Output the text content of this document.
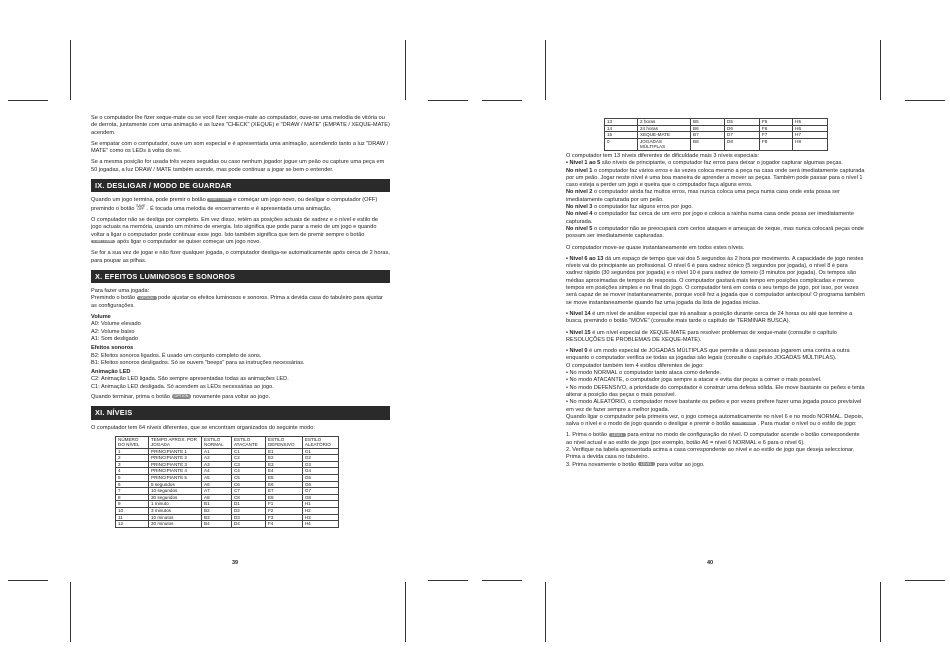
Se o computador lhe fizer xeque-mate ou se você fizer xeque-mate ao computador, ouve-se uma melodia de vitória ou de derrota, juntamente com uma animação e as luzes "CHECK" (XEQUE) e "DRAW / MATE" (EMPATE / XEQUE-MATE) acendem.

Se empatar com o computador, ouve um som especial e é apresentada uma animação, acendendo tanto a luz "DRAW / MATE" como os LEDs à volta do rei.

Se a mesma posição for usada três vezes seguidas ou caso nenhum jogador jogue um peão ou capture uma peça em 50 jogadas, a luz DRAW / MATE também acende, mas pode continuar a jogar se bem o entender.

IX. DESLIGAR / MODO DE GUARDAR

Quando um jogo termina, pode premir o botão START GAME e começar um jogo novo, ou desligar o computador (OFF) premindo o botão SAVE
OFF . É tocada uma melodia de encerramento e é apresentada uma animação.

O computador não se desliga por completo. Em vez disso, retém as posições actuais de xadrez e o nível e estilo de jogo actuais na memória, usando um mínimo de energia. Isto significa que pode parar a meio de um jogo e quando voltar a ligar o computador pode continuar esse jogo. Isto também significa que tem de premir sempre o botão START GAME após ligar o computador se quiser começar um jogo novo.

Se for a sua vez de jogar e não fizer qualquer jogada, o computador desliga-se automaticamente após cerca de 2 horas, para poupar as pilhas.

X. EFEITOS LUMINOSOS E SONOROS

Para fazer uma jogada:

Premindo o botão OPTION pode ajustar os efeitos luminosos e sonoros. Prima a devida casa do tabuleiro para ajustar as configurações.

Volume
A0: Volume elevado
A2: Volume baixo
A1: Som desligado
Efeitos sonoros
B2: Efeitos sonoros ligados. É usado um conjunto completo de sons.
B1: Efeitos sonoros desligados. Só se ouvem "beeps" para as instruções necessárias.
Animação LED
C2: Animação LED ligada. São sempre apresentadas todas as animações LED.
C1: Animação LED desligada. Só acendem as LEDs necessárias ao jogo.

Quando terminar, prima o botão OPTION novamente para voltar ao jogo.

XI. NÍVEIS

O computador tem 64 níveis diferentes, que se encontram organizados do seguinte modo:

NÚMERO DO NÍVEL	TEMPO APROX. POR JOGADA	ESTILO NORMAL	ESTILO ATACANTE	ESTILO DEFENSIVO	ESTILO ALEATÓRIO
1	PRINCIPIANTE 1	A1	C1	E1	G1
2	PRINCIPIANTE 2	A2	C2	E2	G2
3	PRINCIPIANTE 3	A3	C3	E3	G3
4	PRINCIPIANTE 4	A4	C4	E4	G4
5	PRINCIPIANTE 5	A5	C5	E5	G5
6	5 segundos	A6	C6	E6	G6
7	10 segundos	A7	C7	E7	G7
8	30 segundos	A8	C8	E8	G8
9	1 minuto	B1	D1	F1	H1
10	3 minutos	B2	D2	F2	H2
11	10 minutos	B3	D3	F3	H3
12	30 minutos	B4	D4	F4	H4
39
13	2 horas	B5	D5	F5	H5
14	24 horas	B6	D6	F6	H6
15	XEQUE-MATE	B7	D7	F7	H7
0	JOGADAS MÚLTIPLAS	B8	D8	F8	H8

O computador tem 13 níveis diferentes de dificuldade mais 3 níveis especiais:

• Nível 1 ao 5 são níveis de principiante, o computador faz erros para deixar o jogador capturar algumas peças.

No nível 1 o computador faz vários erros e às vezes coloca mesmo a peça na casa onde será imediatamente capturada por um peão. Jogar neste nível é uma boa maneira de aprender a mover as peças. Também pode passar para o nível 1 caso esteja a perder um jogo e queira que o computador faça alguns erros.

No nível 2 o computador ainda faz muitos erros, mas nunca coloca uma peça numa casa onde esta possa ser imediatamente capturada por um peão.

No nível 3 o computador faz alguns erros por jogo.

No nível 4 o computador faz cerca de um erro por jogo e coloca a rainha numa casa onde possa ser imediatamente capturada.

No nível 5 o computador não se preocupará com certos ataques e ameaças de xeque, mas nunca colocará peças onde possam ser imediatamente capturadas.

O computador move-se quase instantaneamente em todos estes níveis.

• Nível 6 ao 13 dá um espaço de tempo que vai dos 5 segundos às 2 hora por movimento. A capacidade de jogo nestes níveis vai do principiante ao profissional. O nível 6 é para xadrez sónico (5 segundos por jogada), o nível 8 é para xadrez rápido (30 segundos por jogada) e o nível 10 é para xadrez de torneio (3 minutos por jogada). Os tempos são médias aproximadas de tempos de resposta. O computador gastará mais tempo em posições complicadas e menos tempos em posições simples e no final do jogo. O computador terá em conta o seu tempo de jogo, por isso, por vezes será capaz de se mover instantaneamente, porque você fez a jogada que o computador antecipou! O programa também se move instantaneamente quando faz uma jogada da lista de jogadas inicias.

• Nível 14 é um nível de análise especial que irá analisar a posição durante cerca de 24 horas ou até que termine a busca, premindo o botão "MOVE" (consulte mais tarde o capítulo de TERMINAR BUSCA).

• Nível 15 é um nível especial de XEQUE-MATE para resolver problemas de xeque-mate (consulte o capítulo RESOLUÇÕES DE PROBLEMAS DE XEQUE-MATE).

• Nível 0 é um modo especial de JOGADAS MÚLTIPLAS que permite a duas pessoas jogarem uma contra a outra enquanto o computador verifica se todas as jogadas são legais (consulte o capítulo JOGADAS MÚLTIPLAS).

O computador também tem 4 estilos diferentes de jogo:

• No modo NORMAL o computador tanto ataca como defende.
• No modo ATACANTE, o computador joga sempre a atacar e evita dar peças a comer o mais possível.
• No modo DEFENSIVO, a prioridade do computador é construir uma defesa sólida. Ele move bastante os peões e tenta alterar a posição das peças o mais possível.
• No modo ALEATÓRIO, o computador move bastante os peões e por vezes prefere fazer uma jogada pouco previsível em vez de fazer sempre a melhor jogada.

Quando ligar o computador pela primeira vez, o jogo começa automaticamente no nível 6 e no modo NORMAL. Depois, salva o nível e o modo de jogo quando o desligar e premir o botão START GAME . Para mudar o nível ou o estilo de jogo:

1. Prima o botão LEVEL para entrar no modo de configuração do nível. O computador acende o botão correspondente ao nível actual e ao estilo de jogo (por exemplo, botão A6 = nível 6 NORMAL e 6 para o nível 6).

2. Verifique na tabela apresentada acima a casa correspondente ao nível e ao estilo de jogo que deseja seleccionar. Prima a devida casa no tabuleiro.

3. Prima novamente o botão LEVEL para voltar ao jogo.

40
